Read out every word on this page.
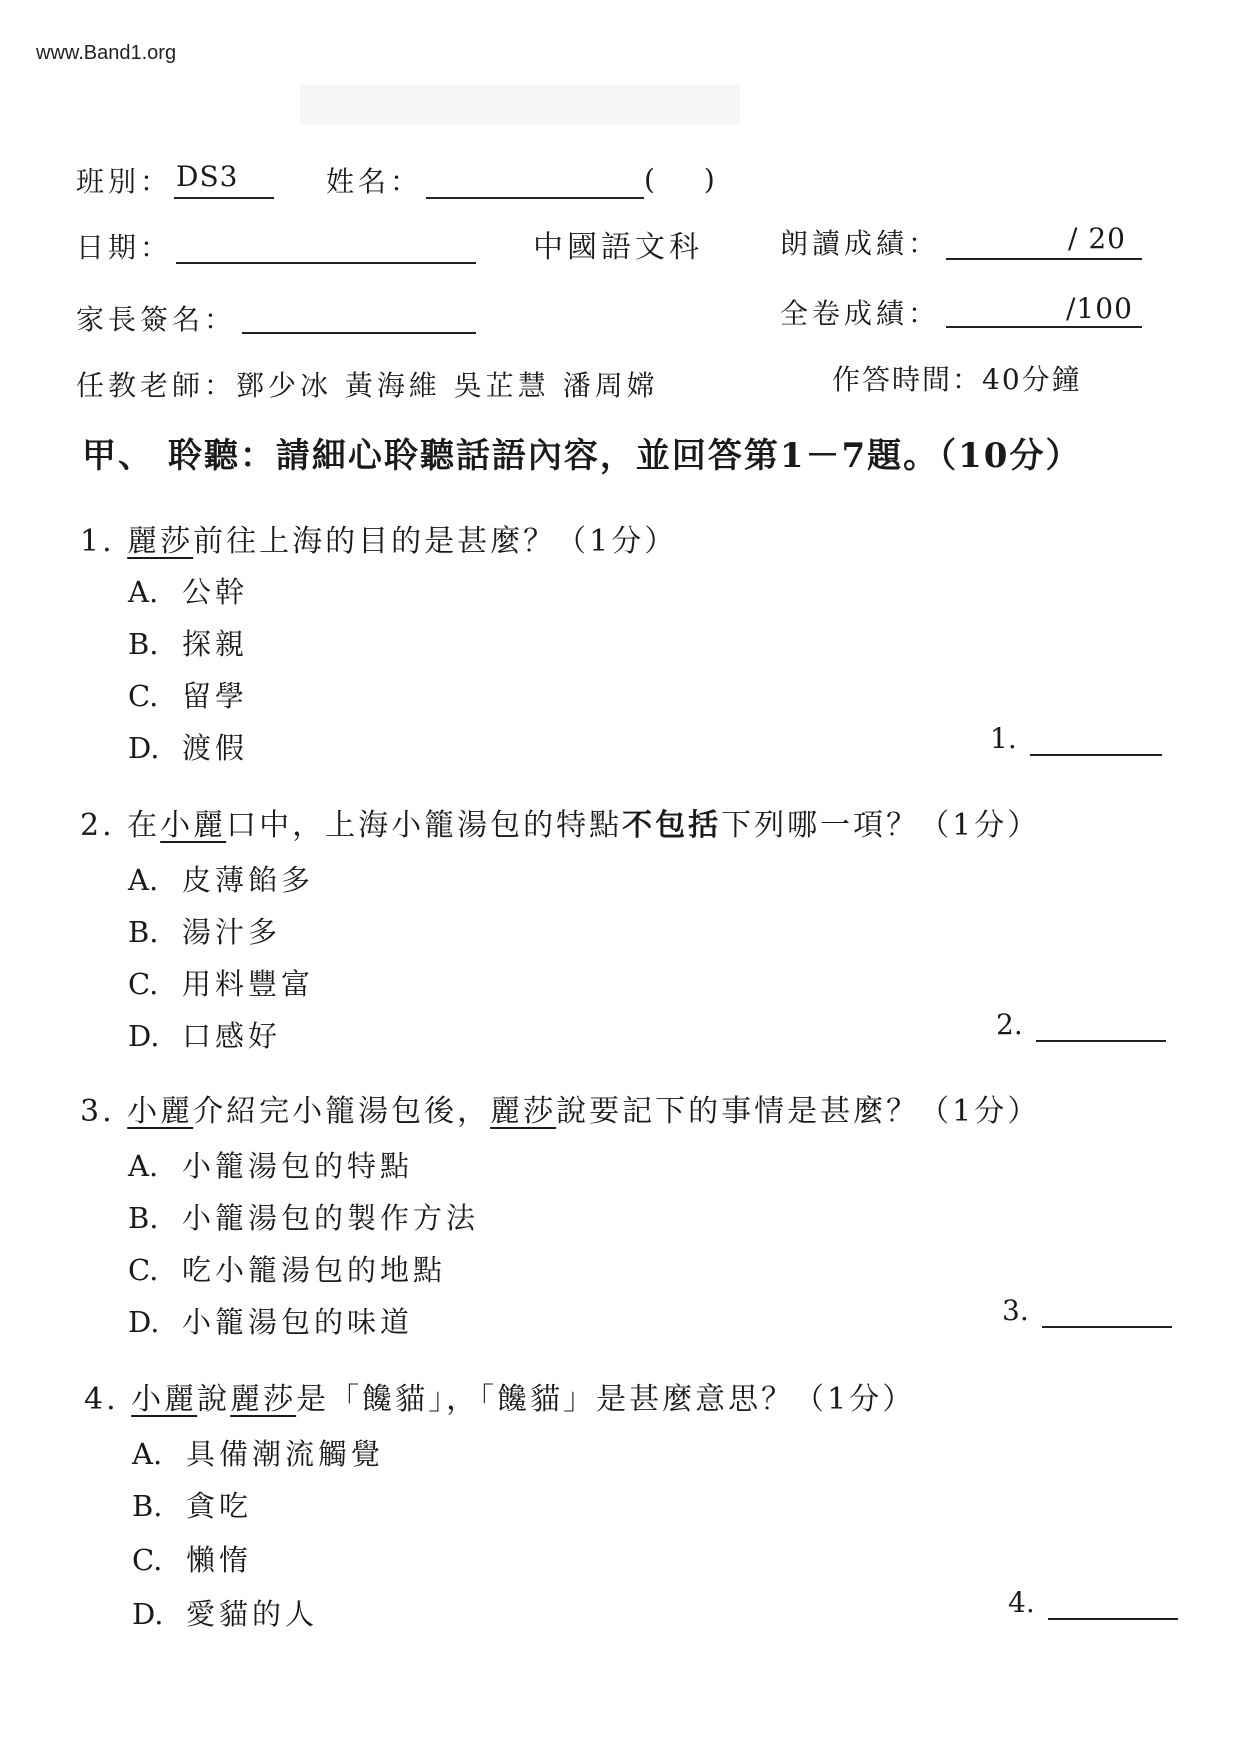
www.Band1.org
班別： DS3	姓名：	(　 )
日期：	中國語文科	朗讀成績：	/ 20
家長簽名：	全卷成績：	/100
任教老師：鄧少冰 黃海維 吳芷慧 潘周嫦	作答時間：40分鐘
甲、 聆聽：請細心聆聽話語內容，並回答第1－7題。（10分）
1. 麗莎前往上海的目的是甚麼？（1分）
A. 公幹
B. 探親
C. 留學
D. 渡假	1.
2. 在小麗口中，上海小籠湯包的特點不包括下列哪一項？（1分）
A. 皮薄餡多
B. 湯汁多
C. 用料豐富
D. 口感好	2.
3. 小麗介紹完小籠湯包後，麗莎說要記下的事情是甚麼？（1分）
A. 小籠湯包的特點
B. 小籠湯包的製作方法
C. 吃小籠湯包的地點
D. 小籠湯包的味道	3.
4. 小麗說麗莎是「饞貓」，「饞貓」是甚麼意思？（1分）
A. 具備潮流觸覺
B. 貪吃
C. 懶惰
D. 愛貓的人	4.
